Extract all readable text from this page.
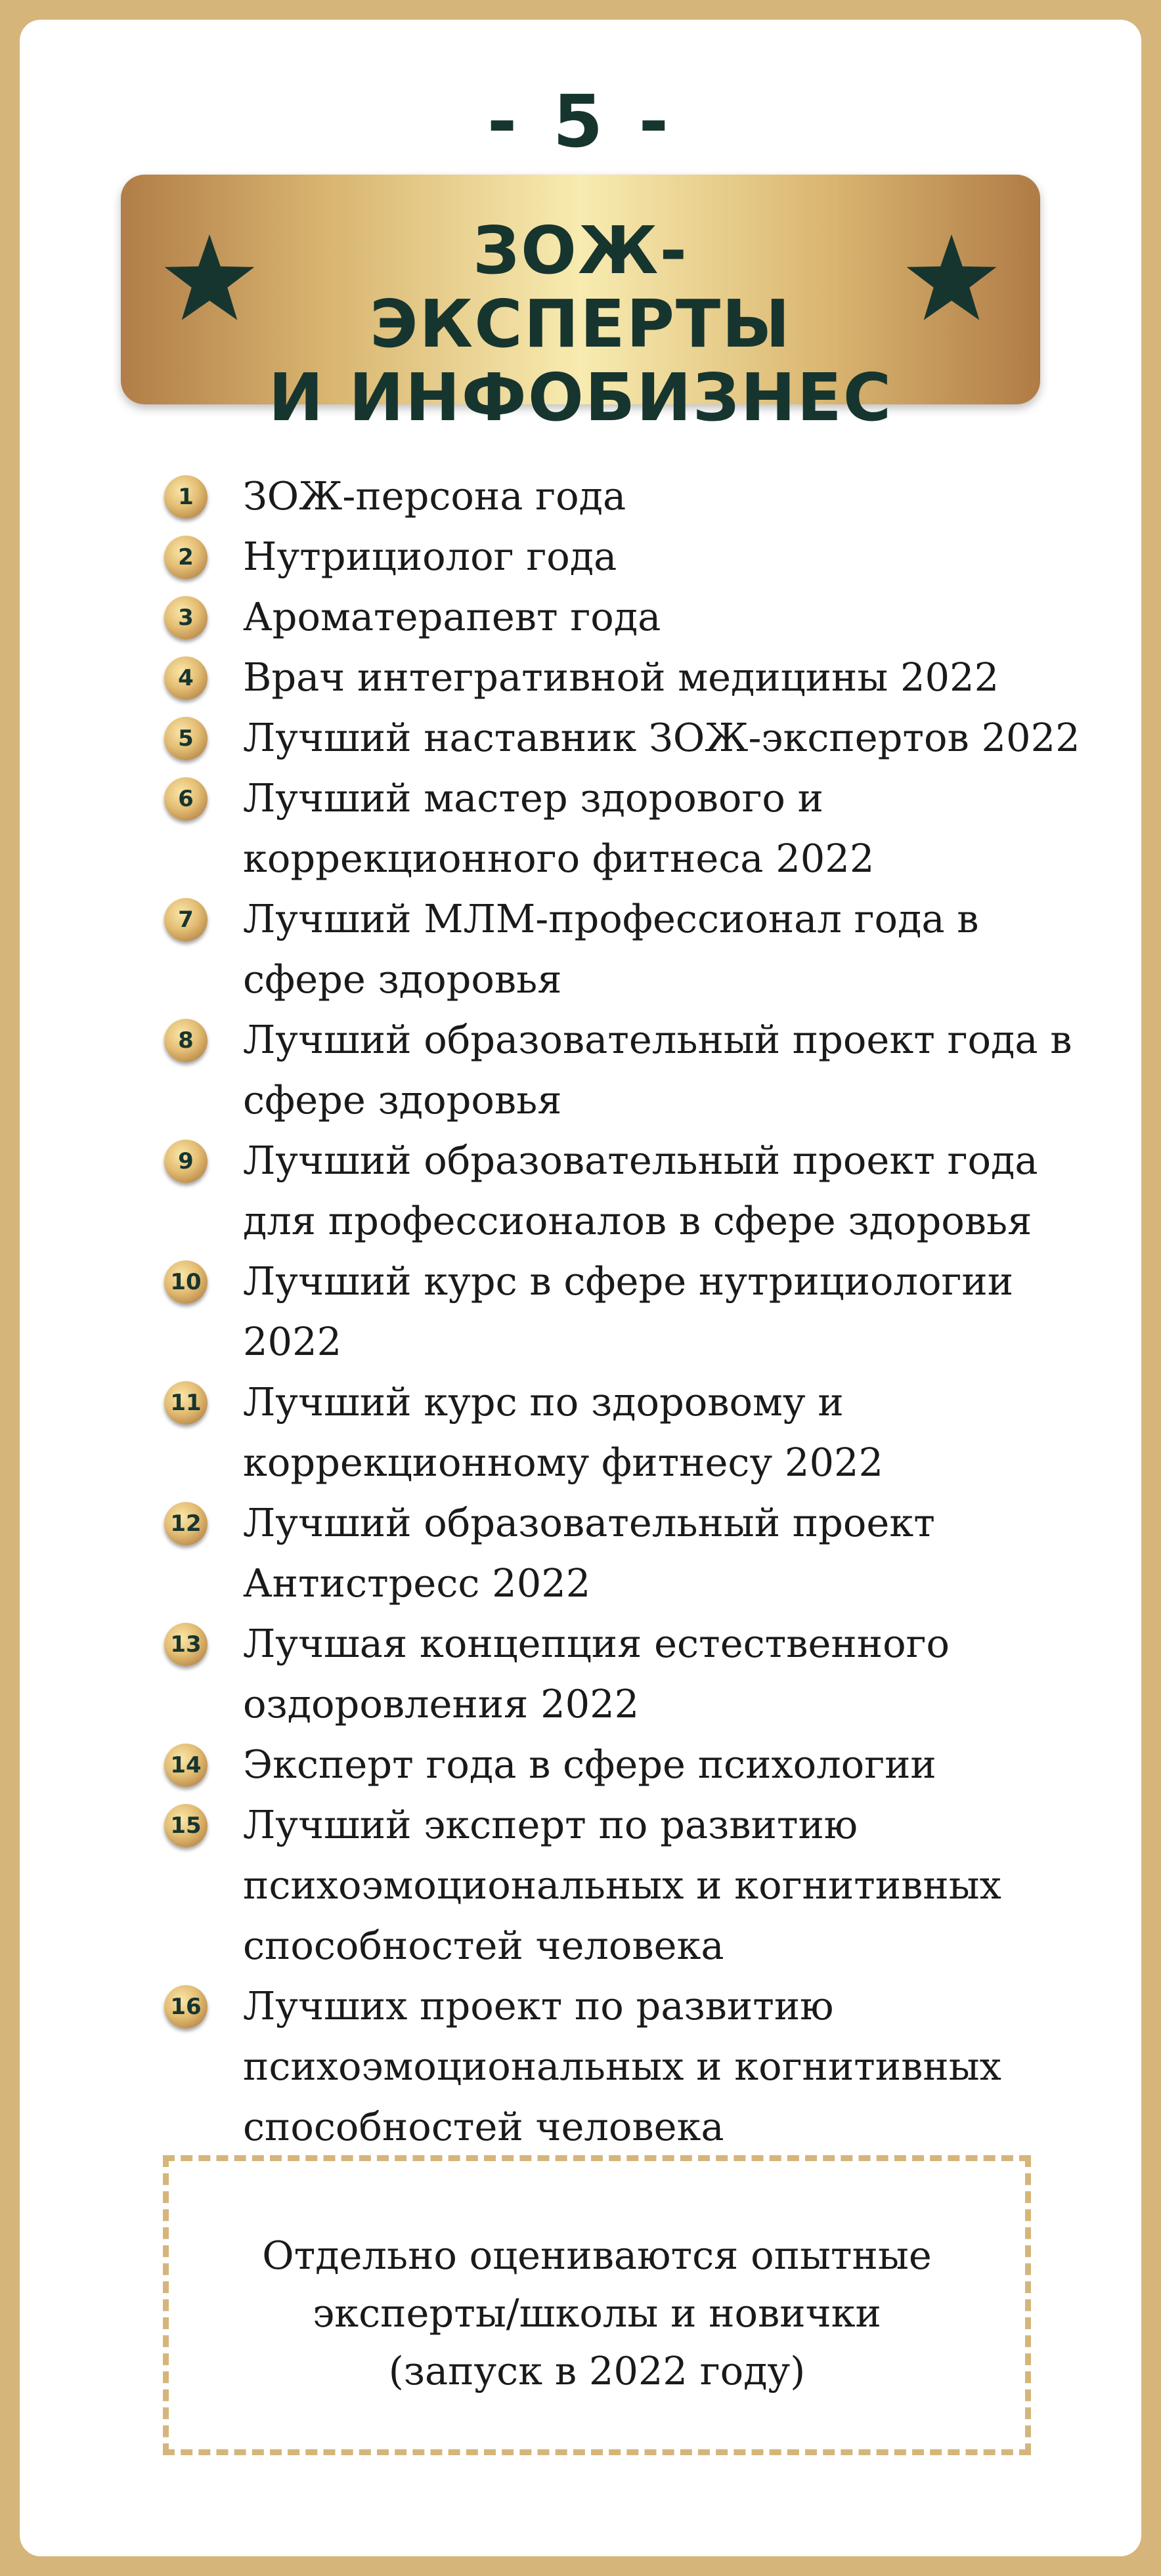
- 5 -
ЗОЖ-ЭКСПЕРТЫ
И ИНФОБИЗНЕС
1	ЗОЖ-персона года
2	Нутрициолог года
3	Ароматерапевт года
4	Врач интегративной медицины 2022
5	Лучший наставник ЗОЖ-экспертов 2022
6	Лучший мастер здорового и коррекционного фитнеса 2022
7	Лучший МЛМ-профессионал года в сфере здоровья
8	Лучший образовательный проект года в сфере здоровья
9	Лучший образовательный проект года для профессионалов в сфере здоровья
10 Лучший курс в сфере нутрициологии 2022
11 Лучший курс по здоровому и коррекционному фитнесу 2022
12 Лучший образовательный проект Антистресс 2022
13 Лучшая концепция естественного оздоровления 2022
14 Эксперт года в сфере психологии
15 Лучший эксперт по развитию психоэмоциональных и когнитивных способностей человека
16 Лучших проект по развитию психоэмоциональных и когнитивных способностей человека
Отдельно оцениваются опытные
эксперты/школы и новички
(запуск в 2022 году)
